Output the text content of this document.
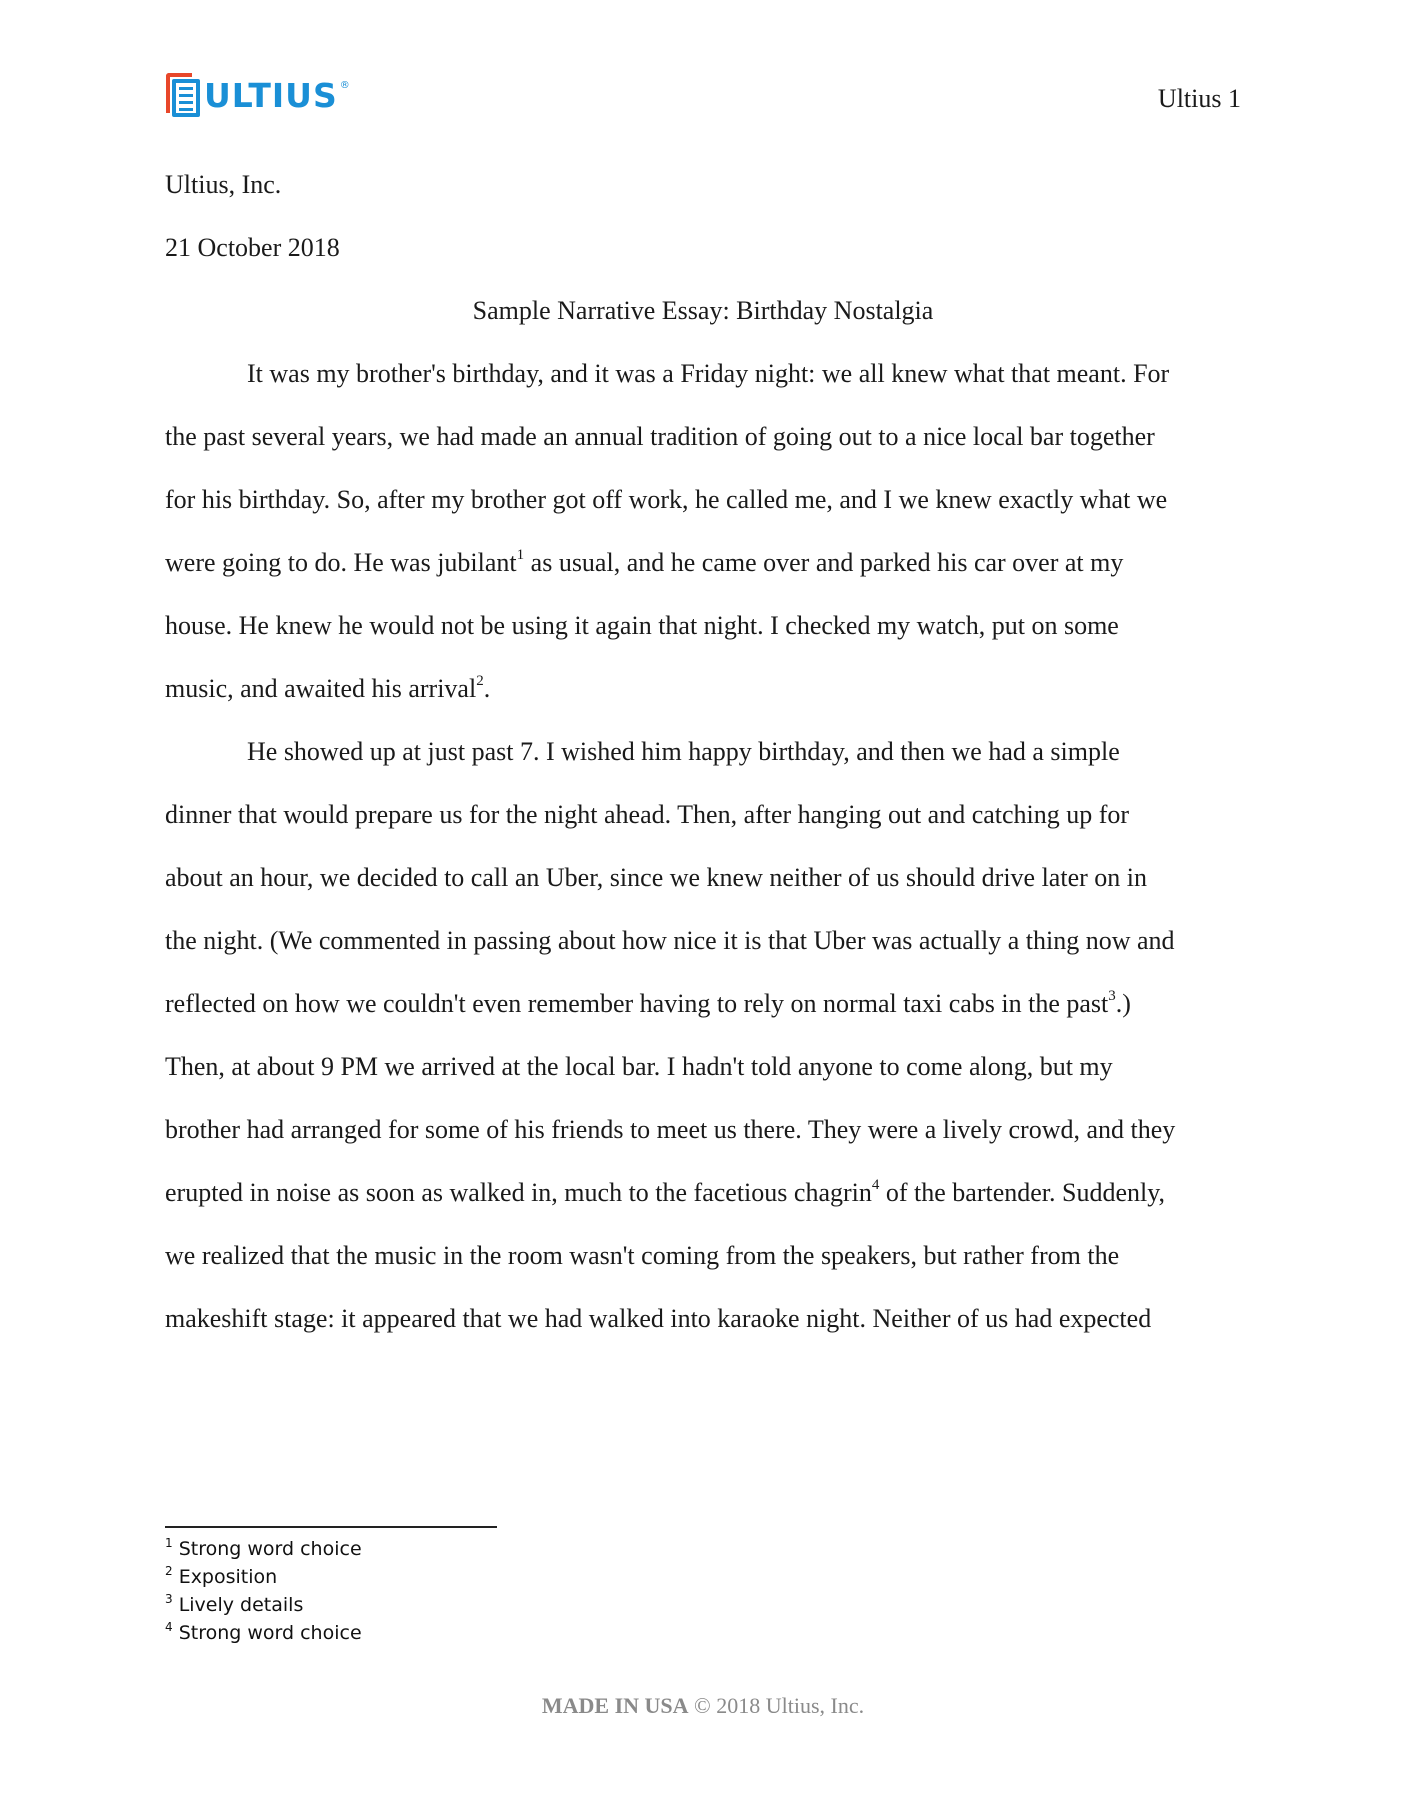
ULTIUS ®	Ultius 1
Ultius, Inc.
21 October 2018
Sample Narrative Essay: Birthday Nostalgia
It was my brother's birthday, and it was a Friday night: we all knew what that meant. For
the past several years, we had made an annual tradition of going out to a nice local bar together
for his birthday. So, after my brother got off work, he called me, and I we knew exactly what we
were going to do. He was jubilant$^1$ as usual, and he came over and parked his car over at my
house. He knew he would not be using it again that night. I checked my watch, put on some
music, and awaited his arrival$^2$.
He showed up at just past 7. I wished him happy birthday, and then we had a simple
dinner that would prepare us for the night ahead. Then, after hanging out and catching up for
about an hour, we decided to call an Uber, since we knew neither of us should drive later on in
the night. (We commented in passing about how nice it is that Uber was actually a thing now and
reflected on how we couldn't even remember having to rely on normal taxi cabs in the past$^3$.)
Then, at about 9 PM we arrived at the local bar. I hadn't told anyone to come along, but my
brother had arranged for some of his friends to meet us there. They were a lively crowd, and they
erupted in noise as soon as walked in, much to the facetious chagrin$^4$ of the bartender. Suddenly,
we realized that the music in the room wasn't coming from the speakers, but rather from the
makeshift stage: it appeared that we had walked into karaoke night. Neither of us had expected
$^1$ Strong word choice
$^2$ Exposition
$^3$ Lively details
$^4$ Strong word choice
MADE IN USA © 2018 Ultius, Inc.
